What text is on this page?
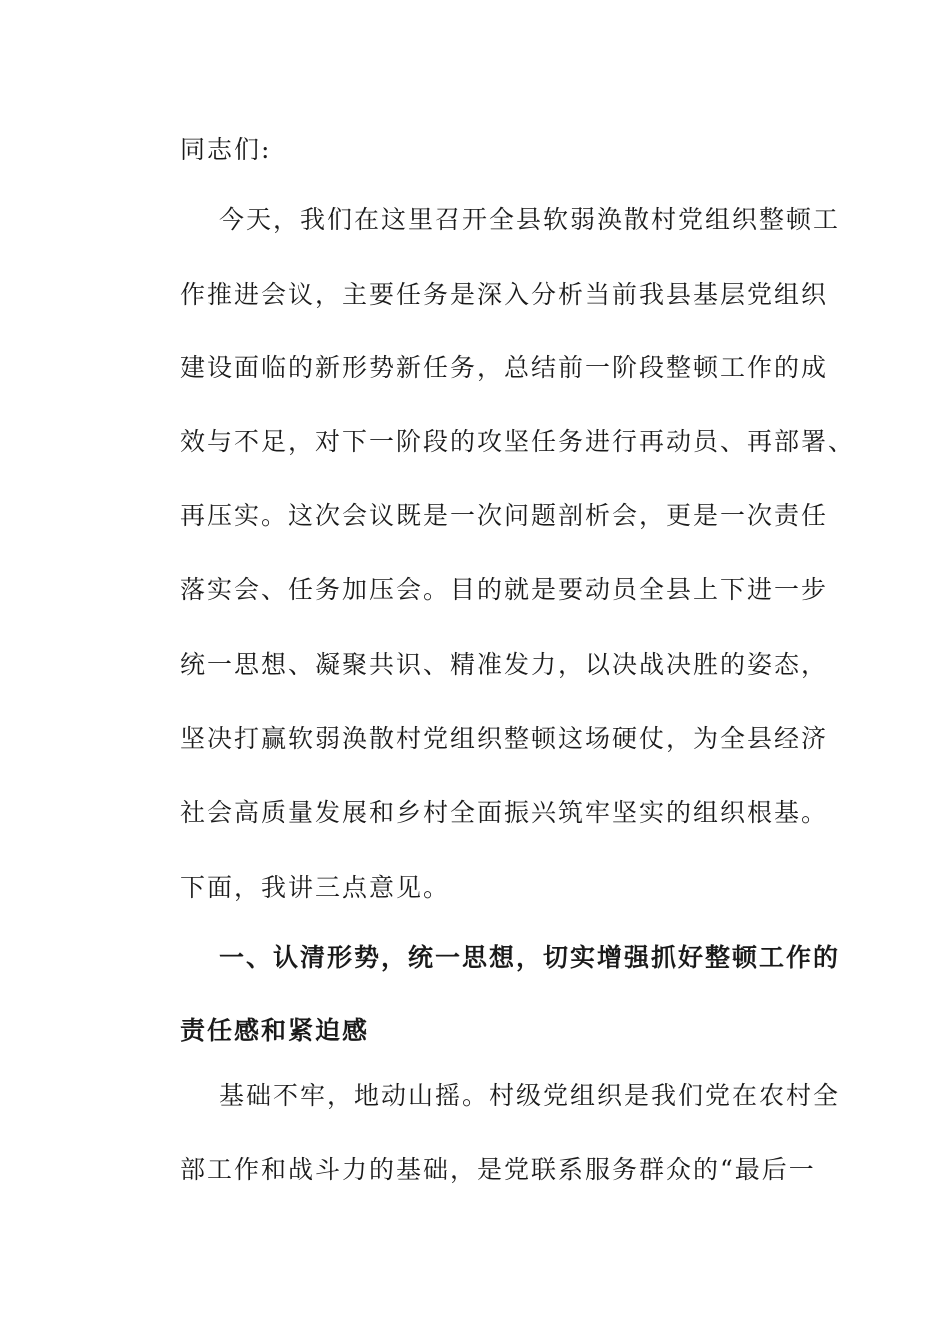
同志们:
今天，我们在这里召开全县软弱涣散村党组织整顿工
作推进会议，主要任务是深入分析当前我县基层党组织
建设面临的新形势新任务，总结前一阶段整顿工作的成
效与不足，对下一阶段的攻坚任务进行再动员、再部署、
再压实。这次会议既是一次问题剖析会，更是一次责任
落实会、任务加压会。目的就是要动员全县上下进一步
统一思想、凝聚共识、精准发力，以决战决胜的姿态，
坚决打赢软弱涣散村党组织整顿这场硬仗，为全县经济
社会高质量发展和乡村全面振兴筑牢坚实的组织根基。
下面，我讲三点意见。
一、认清形势，统一思想，切实增强抓好整顿工作的
责任感和紧迫感
基础不牢，地动山摇。村级党组织是我们党在农村全
部工作和战斗力的基础，是党联系服务群众的“最后一
